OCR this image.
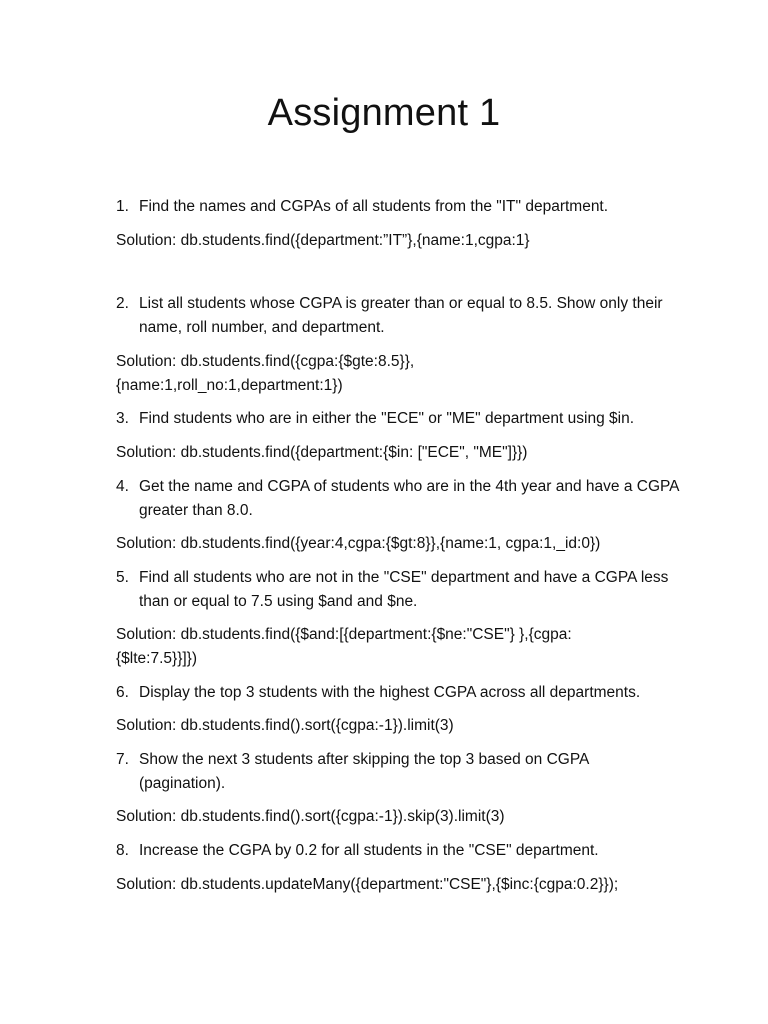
Assignment 1
1. Find the names and CGPAs of all students from the "IT" department.
Solution: db.students.find({department:”IT”},{name:1,cgpa:1}
2. List all students whose CGPA is greater than or equal to 8.5. Show only their name, roll number, and department.
Solution: db.students.find({cgpa:{$gte:8.5}},{name:1,roll_no:1,department:1})
3. Find students who are in either the "ECE" or "ME" department using $in.
Solution: db.students.find({department:{$in: ["ECE", "ME"]}})
4. Get the name and CGPA of students who are in the 4th year and have a CGPA greater than 8.0.
Solution: db.students.find({year:4,cgpa:{$gt:8}},{name:1, cgpa:1,_id:0})
5. Find all students who are not in the "CSE" department and have a CGPA less than or equal to 7.5 using $and and $ne.
Solution: db.students.find({$and:[{department:{$ne:"CSE"} },{cgpa:{$lte:7.5}}]})
6. Display the top 3 students with the highest CGPA across all departments.
Solution: db.students.find().sort({cgpa:-1}).limit(3)
7. Show the next 3 students after skipping the top 3 based on CGPA (pagination).
Solution: db.students.find().sort({cgpa:-1}).skip(3).limit(3)
8. Increase the CGPA by 0.2 for all students in the "CSE" department.
Solution: db.students.updateMany({department:"CSE"},{$inc:{cgpa:0.2}});
